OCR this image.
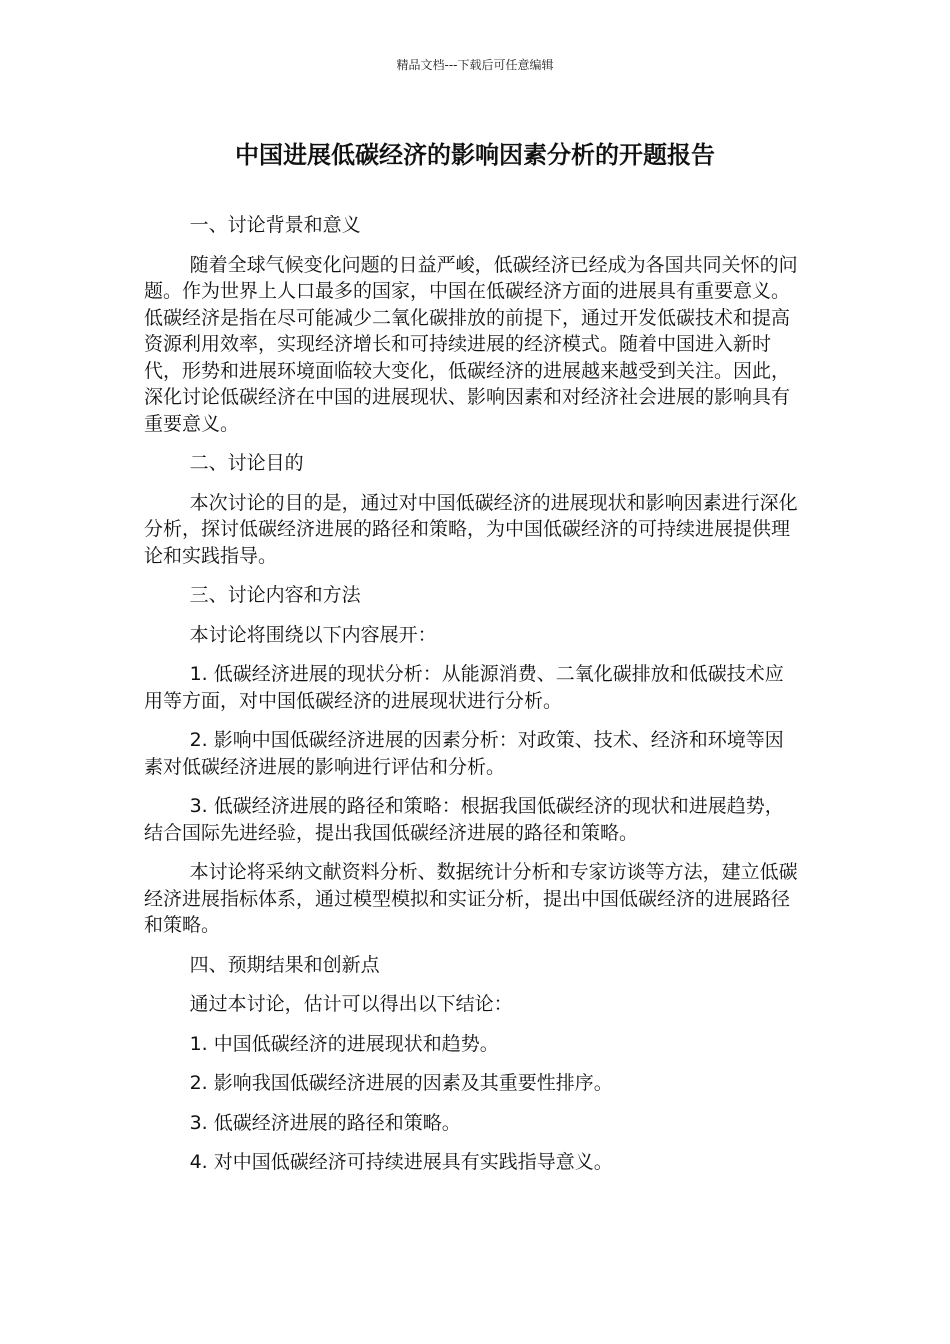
精品文档---下载后可任意编辑
中国进展低碳经济的影响因素分析的开题报告

一、讨论背景和意义

随着全球气候变化问题的日益严峻，低碳经济已经成为各国共同关怀的问题。作为世界上人口最多的国家，中国在低碳经济方面的进展具有重要意义。低碳经济是指在尽可能减少二氧化碳排放的前提下，通过开发低碳技术和提高资源利用效率，实现经济增长和可持续进展的经济模式。随着中国进入新时代，形势和进展环境面临较大变化，低碳经济的进展越来越受到关注。因此，深化讨论低碳经济在中国的进展现状、影响因素和对经济社会进展的影响具有重要意义。

二、讨论目的

本次讨论的目的是，通过对中国低碳经济的进展现状和影响因素进行深化分析，探讨低碳经济进展的路径和策略，为中国低碳经济的可持续进展提供理论和实践指导。

三、讨论内容和方法

本讨论将围绕以下内容展开：

1. 低碳经济进展的现状分析：从能源消费、二氧化碳排放和低碳技术应用等方面，对中国低碳经济的进展现状进行分析。

2. 影响中国低碳经济进展的因素分析：对政策、技术、经济和环境等因素对低碳经济进展的影响进行评估和分析。

3. 低碳经济进展的路径和策略：根据我国低碳经济的现状和进展趋势，结合国际先进经验，提出我国低碳经济进展的路径和策略。

本讨论将采纳文献资料分析、数据统计分析和专家访谈等方法，建立低碳经济进展指标体系，通过模型模拟和实证分析，提出中国低碳经济的进展路径和策略。

四、预期结果和创新点

通过本讨论，估计可以得出以下结论：

1. 中国低碳经济的进展现状和趋势。

2. 影响我国低碳经济进展的因素及其重要性排序。

3. 低碳经济进展的路径和策略。

4. 对中国低碳经济可持续进展具有实践指导意义。
